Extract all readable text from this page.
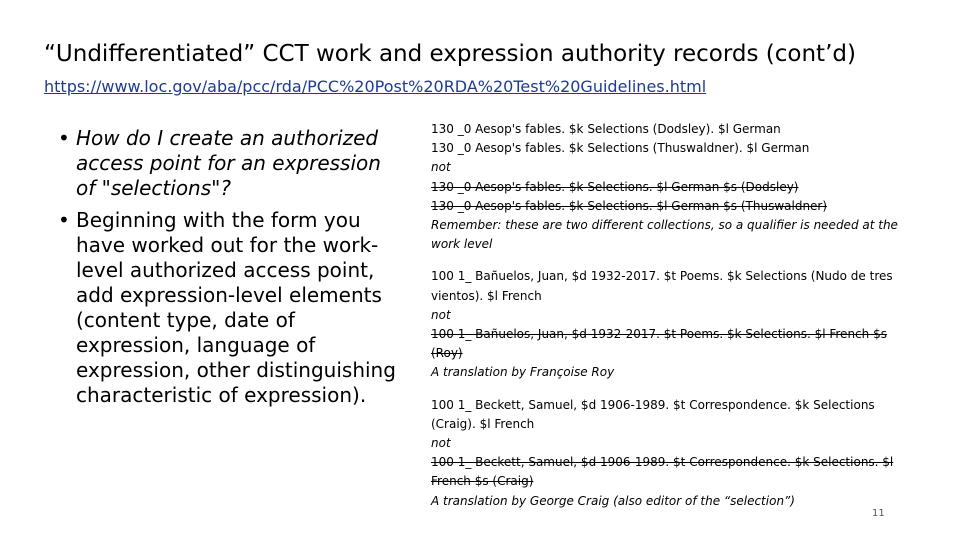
“Undifferentiated” CCT work and expression authority records (cont’d)
https://www.loc.gov/aba/pcc/rda/PCC%20Post%20RDA%20Test%20Guidelines.html
• How do I create an authorized access point for an expression of "selections"?
• Beginning with the form you have worked out for the work-level authorized access point, add expression-level elements (content type, date of expression, language of expression, other distinguishing characteristic of expression).
130 _0 Aesop's fables. $k Selections (Dodsley). $l German
130 _0 Aesop's fables. $k Selections (Thuswaldner). $l German
not
130 _0 Aesop's fables. $k Selections. $l German $s (Dodsley)
130 _0 Aesop's fables. $k Selections. $l German $s (Thuswaldner)
Remember: these are two different collections, so a qualifier is needed at the work level
100 1_ Bañuelos, Juan, $d 1932-2017. $t Poems. $k Selections (Nudo de tres vientos). $l French
not
100 1_ Bañuelos, Juan, $d 1932-2017. $t Poems. $k Selections. $l French $s (Roy)
A translation by Françoise Roy
100 1_ Beckett, Samuel, $d 1906-1989. $t Correspondence. $k Selections (Craig). $l French
not
100 1_ Beckett, Samuel, $d 1906-1989. $t Correspondence. $k Selections. $l French $s (Craig)
A translation by George Craig (also editor of the “selection”)
11
